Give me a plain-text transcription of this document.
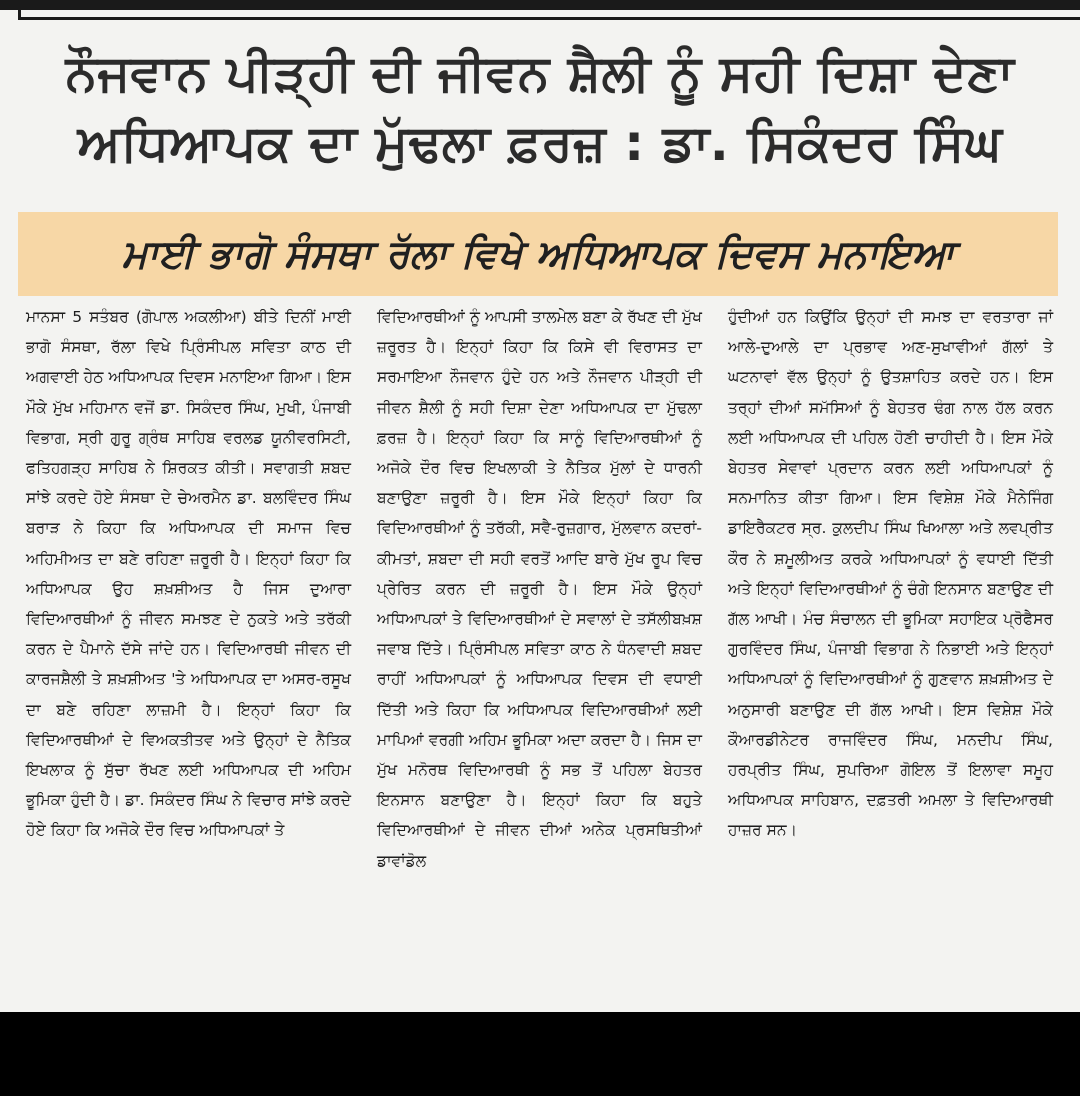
ਨੌਜਵਾਨ ਪੀੜ੍ਹੀ ਦੀ ਜੀਵਨ ਸ਼ੈਲੀ ਨੂੰ ਸਹੀ ਦਿਸ਼ਾ ਦੇਣਾ
ਅਧਿਆਪਕ ਦਾ ਮੁੱਢਲਾ ਫ਼ਰਜ਼ : ਡਾ. ਸਿਕੰਦਰ ਸਿੰਘ
ਮਾਈ ਭਾਗੋ ਸੰਸਥਾ ਰੱਲਾ ਵਿਖੇ ਅਧਿਆਪਕ ਦਿਵਸ ਮਨਾਇਆ

ਮਾਨਸਾ 5 ਸਤੰਬਰ (ਗੋਪਾਲ ਅਕਲੀਆ) ਬੀਤੇ ਦਿਨੀਂ ਮਾਈ ਭਾਗੋ ਸੰਸਥਾ, ਰੱਲਾ ਵਿਖੇ ਪ੍ਰਿੰਸੀਪਲ ਸਵਿਤਾ ਕਾਠ ਦੀ ਅਗਵਾਈ ਹੇਠ ਅਧਿਆਪਕ ਦਿਵਸ ਮਨਾਇਆ ਗਿਆ। ਇਸ ਮੌਕੇ ਮੁੱਖ ਮਹਿਮਾਨ ਵਜੋਂ ਡਾ. ਸਿਕੰਦਰ ਸਿੰਘ, ਮੁਖੀ, ਪੰਜਾਬੀ ਵਿਭਾਗ, ਸ੍ਰੀ ਗੁਰੂ ਗ੍ਰੰਥ ਸਾਹਿਬ ਵਰਲਡ ਯੂਨੀਵਰਸਿਟੀ, ਫਤਿਹਗੜ੍ਹ ਸਾਹਿਬ ਨੇ ਸ਼ਿਰਕਤ ਕੀਤੀ। ਸਵਾਗਤੀ ਸ਼ਬਦ ਸਾਂਝੇ ਕਰਦੇ ਹੋਏ ਸੰਸਥਾ ਦੇ ਚੇਅਰਮੈਨ ਡਾ. ਬਲਵਿੰਦਰ ਸਿੰਘ ਬਰਾੜ ਨੇ ਕਿਹਾ ਕਿ ਅਧਿਆਪਕ ਦੀ ਸਮਾਜ ਵਿਚ ਅਹਿਮੀਅਤ ਦਾ ਬਣੇ ਰਹਿਣਾ ਜ਼ਰੂਰੀ ਹੈ। ਇਨ੍ਹਾਂ ਕਿਹਾ ਕਿ ਅਧਿਆਪਕ ਉਹ ਸ਼ਖ਼ਸ਼ੀਅਤ ਹੈ ਜਿਸ ਦੁਆਰਾ ਵਿਦਿਆਰਥੀਆਂ ਨੂੰ ਜੀਵਨ ਸਮਝਣ ਦੇ ਨੁਕਤੇ ਅਤੇ ਤਰੱਕੀ ਕਰਨ ਦੇ ਪੈਮਾਨੇ ਦੱਸੇ ਜਾਂਦੇ ਹਨ। ਵਿਦਿਆਰਥੀ ਜੀਵਨ ਦੀ ਕਾਰਜਸ਼ੈਲੀ ਤੇ ਸ਼ਖ਼ਸ਼ੀਅਤ 'ਤੇ ਅਧਿਆਪਕ ਦਾ ਅਸਰ-ਰਸੂਖ ਦਾ ਬਣੇ ਰਹਿਣਾ ਲਾਜ਼ਮੀ ਹੈ। ਇਨ੍ਹਾਂ ਕਿਹਾ ਕਿ ਵਿਦਿਆਰਥੀਆਂ ਦੇ ਵਿਅਕਤੀਤਵ ਅਤੇ ਉਨ੍ਹਾਂ ਦੇ ਨੈਤਿਕ ਇਖਲਾਕ ਨੂੰ ਸੁੱਚਾ ਰੱਖਣ ਲਈ ਅਧਿਆਪਕ ਦੀ ਅਹਿਮ ਭੂਮਿਕਾ ਹੁੰਦੀ ਹੈ। ਡਾ. ਸਿਕੰਦਰ ਸਿੰਘ ਨੇ ਵਿਚਾਰ ਸਾਂਝੇ ਕਰਦੇ ਹੋਏ ਕਿਹਾ ਕਿ ਅਜੋਕੇ ਦੌਰ ਵਿਚ ਅਧਿਆਪਕਾਂ ਤੇ

ਵਿਦਿਆਰਥੀਆਂ ਨੂੰ ਆਪਸੀ ਤਾਲਮੇਲ ਬਣਾ ਕੇ ਰੱਖਣ ਦੀ ਮੁੱਖ ਜ਼ਰੂਰਤ ਹੈ। ਇਨ੍ਹਾਂ ਕਿਹਾ ਕਿ ਕਿਸੇ ਵੀ ਵਿਰਾਸਤ ਦਾ ਸਰਮਾਇਆ ਨੌਜਵਾਨ ਹੁੰਦੇ ਹਨ ਅਤੇ ਨੌਜਵਾਨ ਪੀੜ੍ਹੀ ਦੀ ਜੀਵਨ ਸ਼ੈਲੀ ਨੂੰ ਸਹੀ ਦਿਸ਼ਾ ਦੇਣਾ ਅਧਿਆਪਕ ਦਾ ਮੁੱਢਲਾ ਫ਼ਰਜ਼ ਹੈ। ਇਨ੍ਹਾਂ ਕਿਹਾ ਕਿ ਸਾਨੂੰ ਵਿਦਿਆਰਥੀਆਂ ਨੂੰ ਅਜੋਕੇ ਦੌਰ ਵਿਚ ਇਖਲਾਕੀ ਤੇ ਨੈਤਿਕ ਮੁੱਲਾਂ ਦੇ ਧਾਰਨੀ ਬਣਾਉਣਾ ਜ਼ਰੂਰੀ ਹੈ। ਇਸ ਮੌਕੇ ਇਨ੍ਹਾਂ ਕਿਹਾ ਕਿ ਵਿਦਿਆਰਥੀਆਂ ਨੂੰ ਤਰੱਕੀ, ਸਵੈ-ਰੁਜ਼ਗਾਰ, ਮੁੱਲਵਾਨ ਕਦਰਾਂ-ਕੀਮਤਾਂ, ਸ਼ਬਦਾ ਦੀ ਸਹੀ ਵਰਤੋਂ ਆਦਿ ਬਾਰੇ ਮੁੱਖ ਰੂਪ ਵਿਚ ਪ੍ਰੇਰਿਤ ਕਰਨ ਦੀ ਜ਼ਰੂਰੀ ਹੈ। ਇਸ ਮੌਕੇ ਉਨ੍ਹਾਂ ਅਧਿਆਪਕਾਂ ਤੇ ਵਿਦਿਆਰਥੀਆਂ ਦੇ ਸਵਾਲਾਂ ਦੇ ਤਸੱਲੀਬਖ਼ਸ਼ ਜਵਾਬ ਦਿੱਤੇ। ਪ੍ਰਿੰਸੀਪਲ ਸਵਿਤਾ ਕਾਠ ਨੇ ਧੰਨਵਾਦੀ ਸ਼ਬਦ ਰਾਹੀਂ ਅਧਿਆਪਕਾਂ ਨੂੰ ਅਧਿਆਪਕ ਦਿਵਸ ਦੀ ਵਧਾਈ ਦਿੱਤੀ ਅਤੇ ਕਿਹਾ ਕਿ ਅਧਿਆਪਕ ਵਿਦਿਆਰਥੀਆਂ ਲਈ ਮਾਪਿਆਂ ਵਰਗੀ ਅਹਿਮ ਭੂਮਿਕਾ ਅਦਾ ਕਰਦਾ ਹੈ। ਜਿਸ ਦਾ ਮੁੱਖ ਮਨੋਰਥ ਵਿਦਿਆਰਥੀ ਨੂੰ ਸਭ ਤੋਂ ਪਹਿਲਾ ਬੇਹਤਰ ਇਨਸਾਨ ਬਣਾਉਣਾ ਹੈ। ਇਨ੍ਹਾਂ ਕਿਹਾ ਕਿ ਬਹੁਤੇ ਵਿਦਿਆਰਥੀਆਂ ਦੇ ਜੀਵਨ ਦੀਆਂ ਅਨੇਕ ਪ੍ਰਸਥਿਤੀਆਂ ਡਾਵਾਂਡੋਲ

ਹੁੰਦੀਆਂ ਹਨ ਕਿਉਂਕਿ ਉਨ੍ਹਾਂ ਦੀ ਸਮਝ ਦਾ ਵਰਤਾਰਾ ਜਾਂ ਆਲੇ-ਦੁਆਲੇ ਦਾ ਪ੍ਰਭਾਵ ਅਣ-ਸੁਖਾਵੀਆਂ ਗੱਲਾਂ ਤੇ ਘਟਨਾਵਾਂ ਵੱਲ ਉਨ੍ਹਾਂ ਨੂੰ ਉਤਸ਼ਾਹਿਤ ਕਰਦੇ ਹਨ। ਇਸ ਤਰ੍ਹਾਂ ਦੀਆਂ ਸਮੱਸਿਆਂ ਨੂੰ ਬੇਹਤਰ ਢੰਗ ਨਾਲ ਹੱਲ ਕਰਨ ਲਈ ਅਧਿਆਪਕ ਦੀ ਪਹਿਲ ਹੋਣੀ ਚਾਹੀਦੀ ਹੈ। ਇਸ ਮੌਕੇ ਬੇਹਤਰ ਸੇਵਾਵਾਂ ਪ੍ਰਦਾਨ ਕਰਨ ਲਈ ਅਧਿਆਪਕਾਂ ਨੂੰ ਸਨਮਾਨਿਤ ਕੀਤਾ ਗਿਆ। ਇਸ ਵਿਸ਼ੇਸ਼ ਮੌਕੇ ਮੈਨੇਜਿੰਗ ਡਾਇਰੈਕਟਰ ਸ੍ਰ. ਕੁਲਦੀਪ ਸਿੰਘ ਖਿਆਲਾ ਅਤੇ ਲਵਪ੍ਰੀਤ ਕੌਰ ਨੇ ਸ਼ਮੂਲੀਅਤ ਕਰਕੇ ਅਧਿਆਪਕਾਂ ਨੂੰ ਵਧਾਈ ਦਿੱਤੀ ਅਤੇ ਇਨ੍ਹਾਂ ਵਿਦਿਆਰਥੀਆਂ ਨੂੰ ਚੰਗੇ ਇਨਸਾਨ ਬਣਾਉਣ ਦੀ ਗੱਲ ਆਖੀ। ਮੰਚ ਸੰਚਾਲਨ ਦੀ ਭੂਮਿਕਾ ਸਹਾਇਕ ਪ੍ਰੋਫੈਸਰ ਗੁਰਵਿੰਦਰ ਸਿੰਘ, ਪੰਜਾਬੀ ਵਿਭਾਗ ਨੇ ਨਿਭਾਈ ਅਤੇ ਇਨ੍ਹਾਂ ਅਧਿਆਪਕਾਂ ਨੂੰ ਵਿਦਿਆਰਥੀਆਂ ਨੂੰ ਗੁਣਵਾਨ ਸ਼ਖ਼ਸ਼ੀਅਤ ਦੇ ਅਨੁਸਾਰੀ ਬਣਾਉਣ ਦੀ ਗੱਲ ਆਖੀ। ਇਸ ਵਿਸ਼ੇਸ਼ ਮੌਕੇ ਕੌਆਰਡੀਨੇਟਰ ਰਾਜਵਿੰਦਰ ਸਿੰਘ, ਮਨਦੀਪ ਸਿੰਘ, ਹਰਪ੍ਰੀਤ ਸਿੰਘ, ਸੁਪਰਿਆ ਗੋਇਲ ਤੋਂ ਇਲਾਵਾ ਸਮੂਹ ਅਧਿਆਪਕ ਸਾਹਿਬਾਨ, ਦਫ਼ਤਰੀ ਅਮਲਾ ਤੇ ਵਿਦਿਆਰਥੀ ਹਾਜ਼ਰ ਸਨ।
